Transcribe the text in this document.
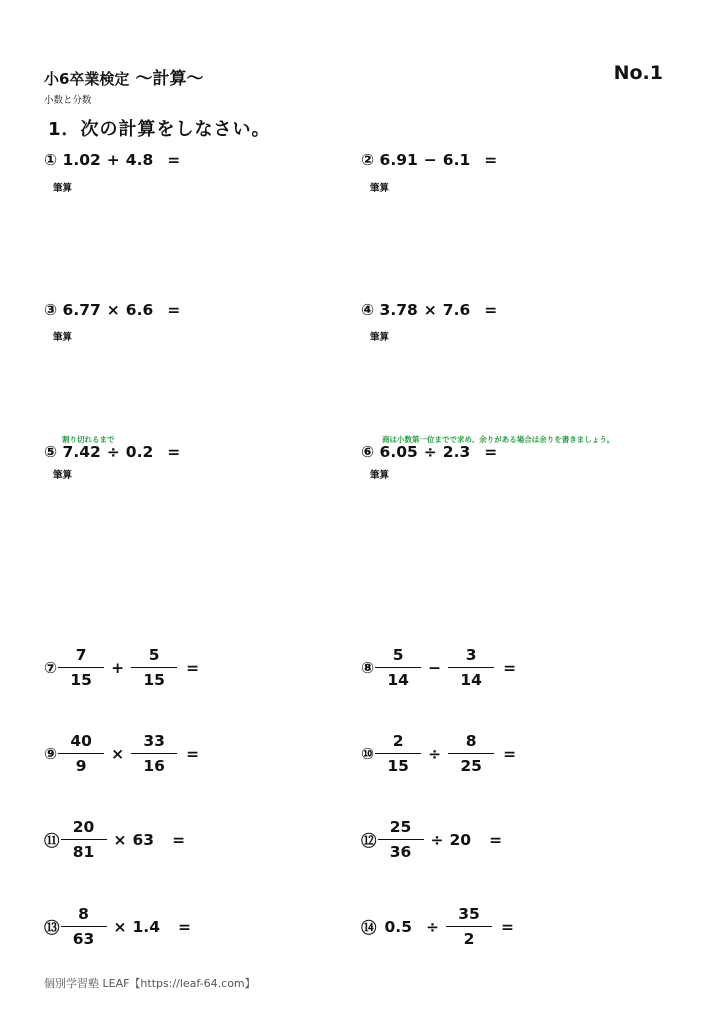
小6卒業検定 〜計算〜	No.1
小数と分数
1．次の計算をしなさい。
① 1.02 + 4.8 =
筆算
② 6.91 − 6.1 =
筆算
③ 6.77 × 6.6 =
筆算
④ 3.78 × 7.6 =
筆算
割り切れるまで
⑤ 7.42 ÷ 0.2 =
筆算
商は小数第一位までで求め、余りがある場合は余りを書きましょう。
⑥ 6.05 ÷ 2.3 =
筆算
⑦ $\frac{7}{15} + \frac{5}{15}$ =	⑧ $\frac{5}{14} - \frac{3}{14}$ =
⑨ $\frac{40}{9} \times \frac{33}{16}$ =	⑩ $\frac{2}{15} \div \frac{8}{25}$ =
⑪ $\frac{20}{81} \times 63$ =	⑫ $\frac{25}{36} \div 20$ =
⑬ $\frac{8}{63} \times 1.4$ =	⑭ $0.5 \div \frac{35}{2}$ =
個別学習塾 LEAF【https://leaf-64.com】
